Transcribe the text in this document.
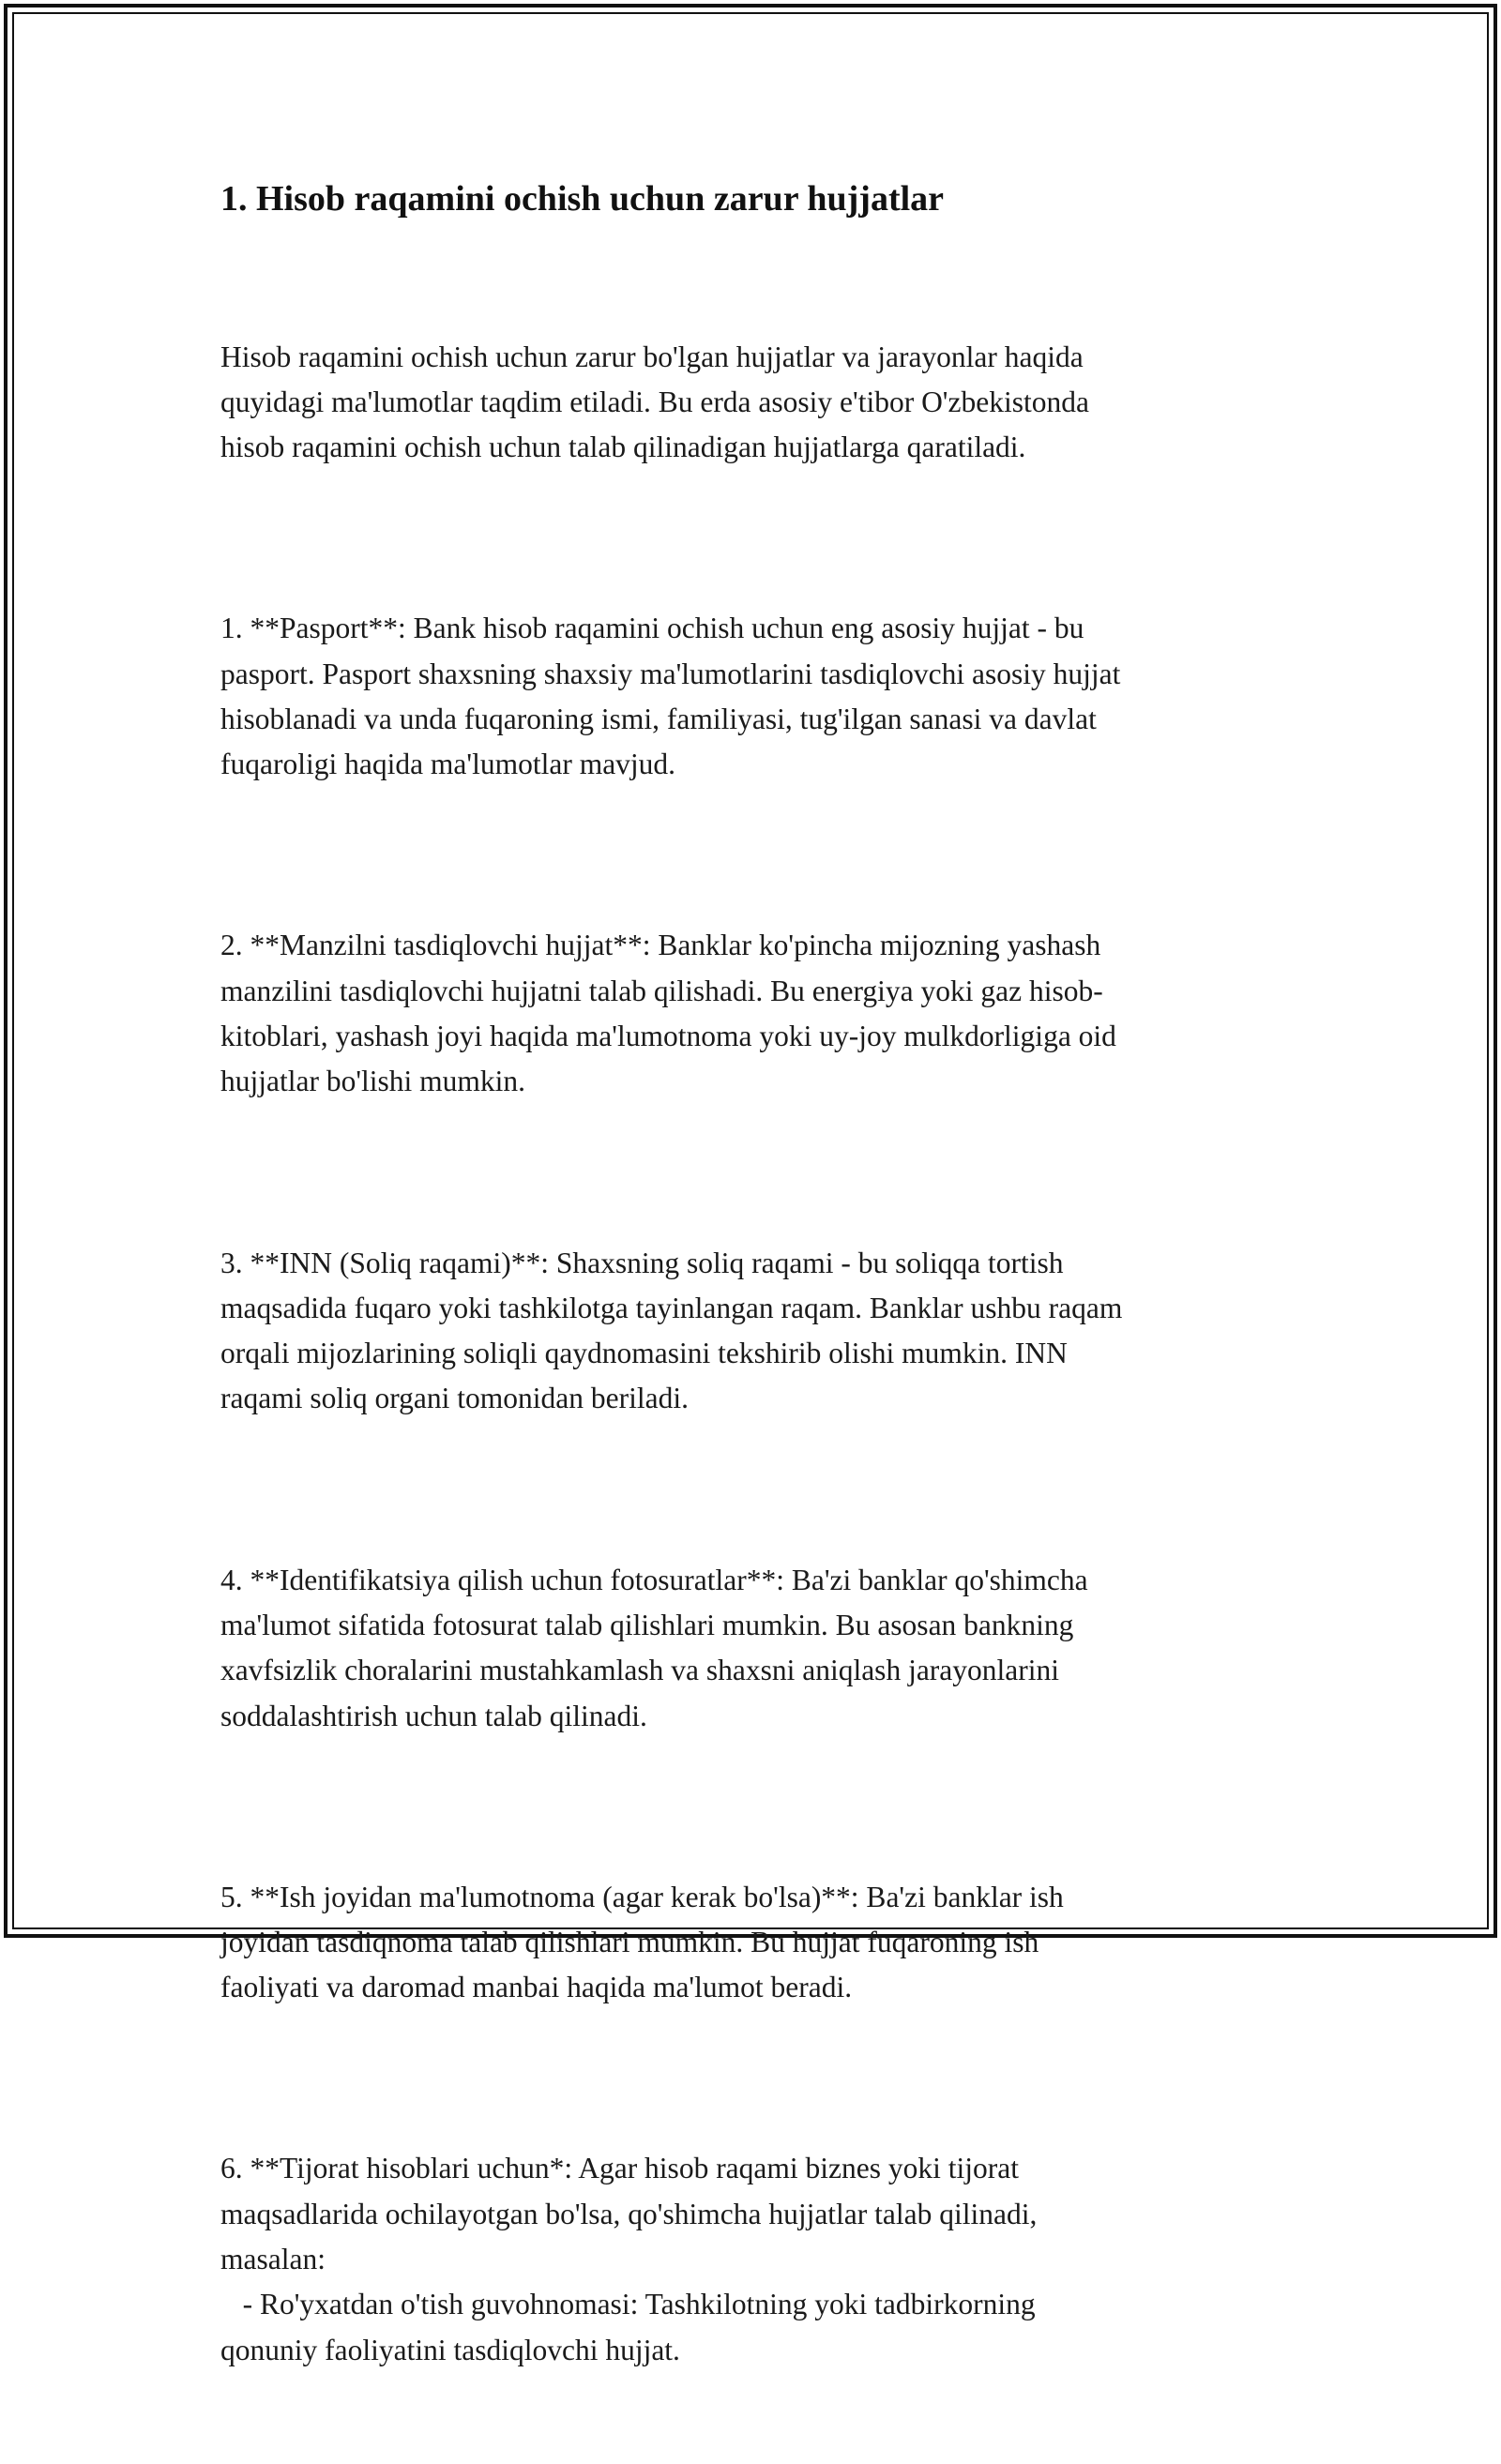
1. Hisob raqamini ochish uchun zarur hujjatlar

Hisob raqamini ochish uchun zarur bo'lgan hujjatlar va jarayonlar haqida
quyidagi ma'lumotlar taqdim etiladi. Bu erda asosiy e'tibor O'zbekistonda
hisob raqamini ochish uchun talab qilinadigan hujjatlarga qaratiladi.

1. **Pasport**: Bank hisob raqamini ochish uchun eng asosiy hujjat - bu
pasport. Pasport shaxsning shaxsiy ma'lumotlarini tasdiqlovchi asosiy hujjat
hisoblanadi va unda fuqaroning ismi, familiyasi, tug'ilgan sanasi va davlat
fuqaroligi haqida ma'lumotlar mavjud.

2. **Manzilni tasdiqlovchi hujjat**: Banklar ko'pincha mijozning yashash
manzilini tasdiqlovchi hujjatni talab qilishadi. Bu energiya yoki gaz hisob-
kitoblari, yashash joyi haqida ma'lumotnoma yoki uy-joy mulkdorligiga oid
hujjatlar bo'lishi mumkin.

3. **INN (Soliq raqami)**: Shaxsning soliq raqami - bu soliqqa tortish
maqsadida fuqaro yoki tashkilotga tayinlangan raqam. Banklar ushbu raqam
orqali mijozlarining soliqli qaydnomasini tekshirib olishi mumkin. INN
raqami soliq organi tomonidan beriladi.

4. **Identifikatsiya qilish uchun fotosuratlar**: Ba'zi banklar qo'shimcha
ma'lumot sifatida fotosurat talab qilishlari mumkin. Bu asosan bankning
xavfsizlik choralarini mustahkamlash va shaxsni aniqlash jarayonlarini
soddalashtirish uchun talab qilinadi.

5. **Ish joyidan ma'lumotnoma (agar kerak bo'lsa)**: Ba'zi banklar ish
joyidan tasdiqnoma talab qilishlari mumkin. Bu hujjat fuqaroning ish
faoliyati va daromad manbai haqida ma'lumot beradi.

6. **Tijorat hisoblari uchun*: Agar hisob raqami biznes yoki tijorat
maqsadlarida ochilayotgan bo'lsa, qo'shimcha hujjatlar talab qilinadi,
masalan:
- Ro'yxatdan o'tish guvohnomasi: Tashkilotning yoki tadbirkorning
qonuniy faoliyatini tasdiqlovchi hujjat.
